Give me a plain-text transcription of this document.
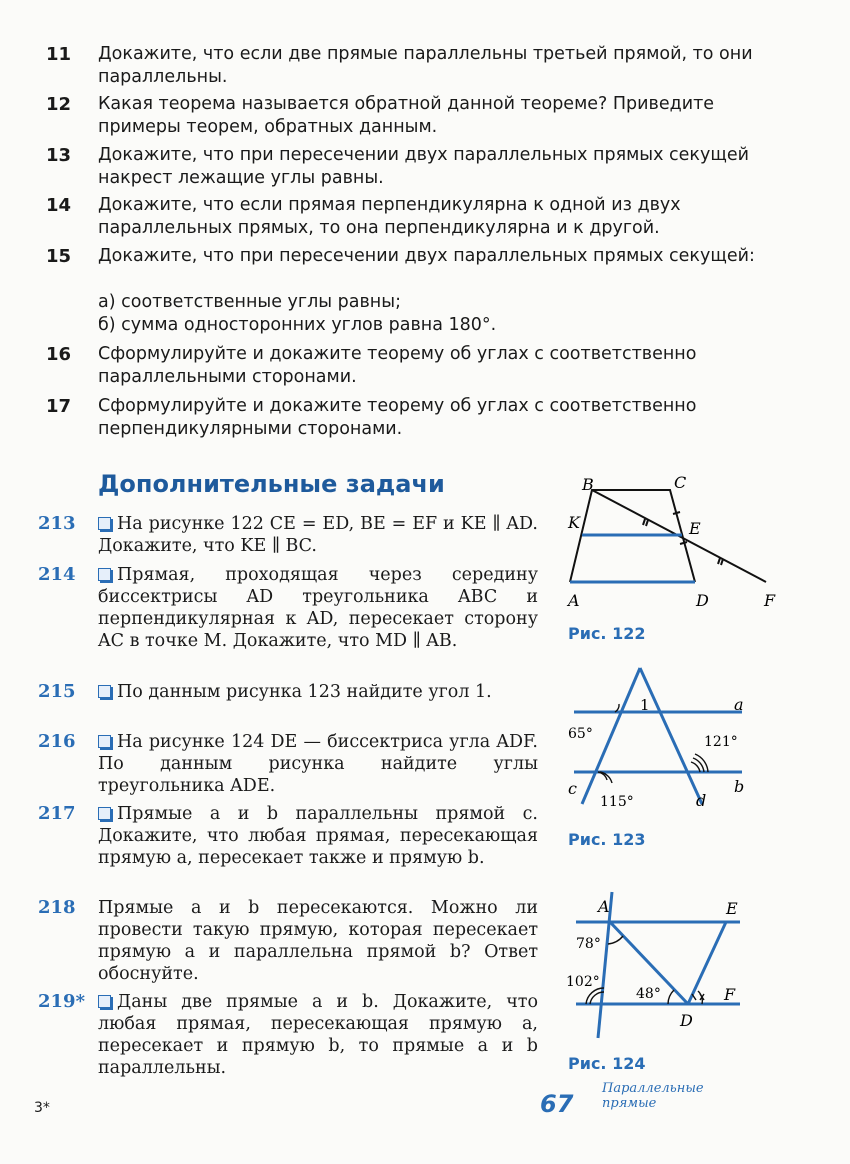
11	Докажите, что если две прямые параллельны третьей прямой, то они параллельны.
12	Какая теорема называется обратной данной теореме? Приведите примеры теорем, обратных данным.
13	Докажите, что при пересечении двух параллельных прямых секущей накрест лежащие углы равны.
14	Докажите, что если прямая перпендикулярна к одной из двух параллельных прямых, то она перпендикулярна и к другой.
15	Докажите, что при пересечении двух параллельных прямых секущей:
а) соответственные углы равны;
б) сумма односторонних углов равна 180°.
16	Сформулируйте и докажите теорему об углах с соответственно параллельными сторонами.
17	Сформулируйте и докажите теорему об углах с соответственно перпендикулярными сторонами.
Дополнительные задачи
213	На рисунке 122 CE = ED, BE = EF и KE ∥ AD. Докажите, что KE ∥ BC.
214	Прямая, проходящая через середину биссектрисы AD треугольника ABC и перпендикулярная к AD, пересекает сторону AC в точке M. Докажите, что MD ∥ AB.
215	По данным рисунка 123 найдите угол 1.
216	На рисунке 124 DE — биссектриса угла ADF. По данным рисунка найдите углы треугольника ADE.
217	Прямые a и b параллельны прямой c. Докажите, что любая прямая, пересекающая прямую a, пересекает также и прямую b.
218	Прямые a и b пересекаются. Можно ли провести такую прямую, которая пересекает прямую a и параллельна прямой b? Ответ обоснуйте.
219*	Даны две прямые a и b. Докажите, что любая прямая, пересекающая прямую a, пересекает и прямую b, то прямые a и b параллельны.
B	C
K	E
A	D	F
Рис. 122
1	a
b
c
d
65°	121°
115°
Рис. 123
A	E
D
F
78°
102°
48°
Рис. 124
3*	67
Параллельные
прямые
